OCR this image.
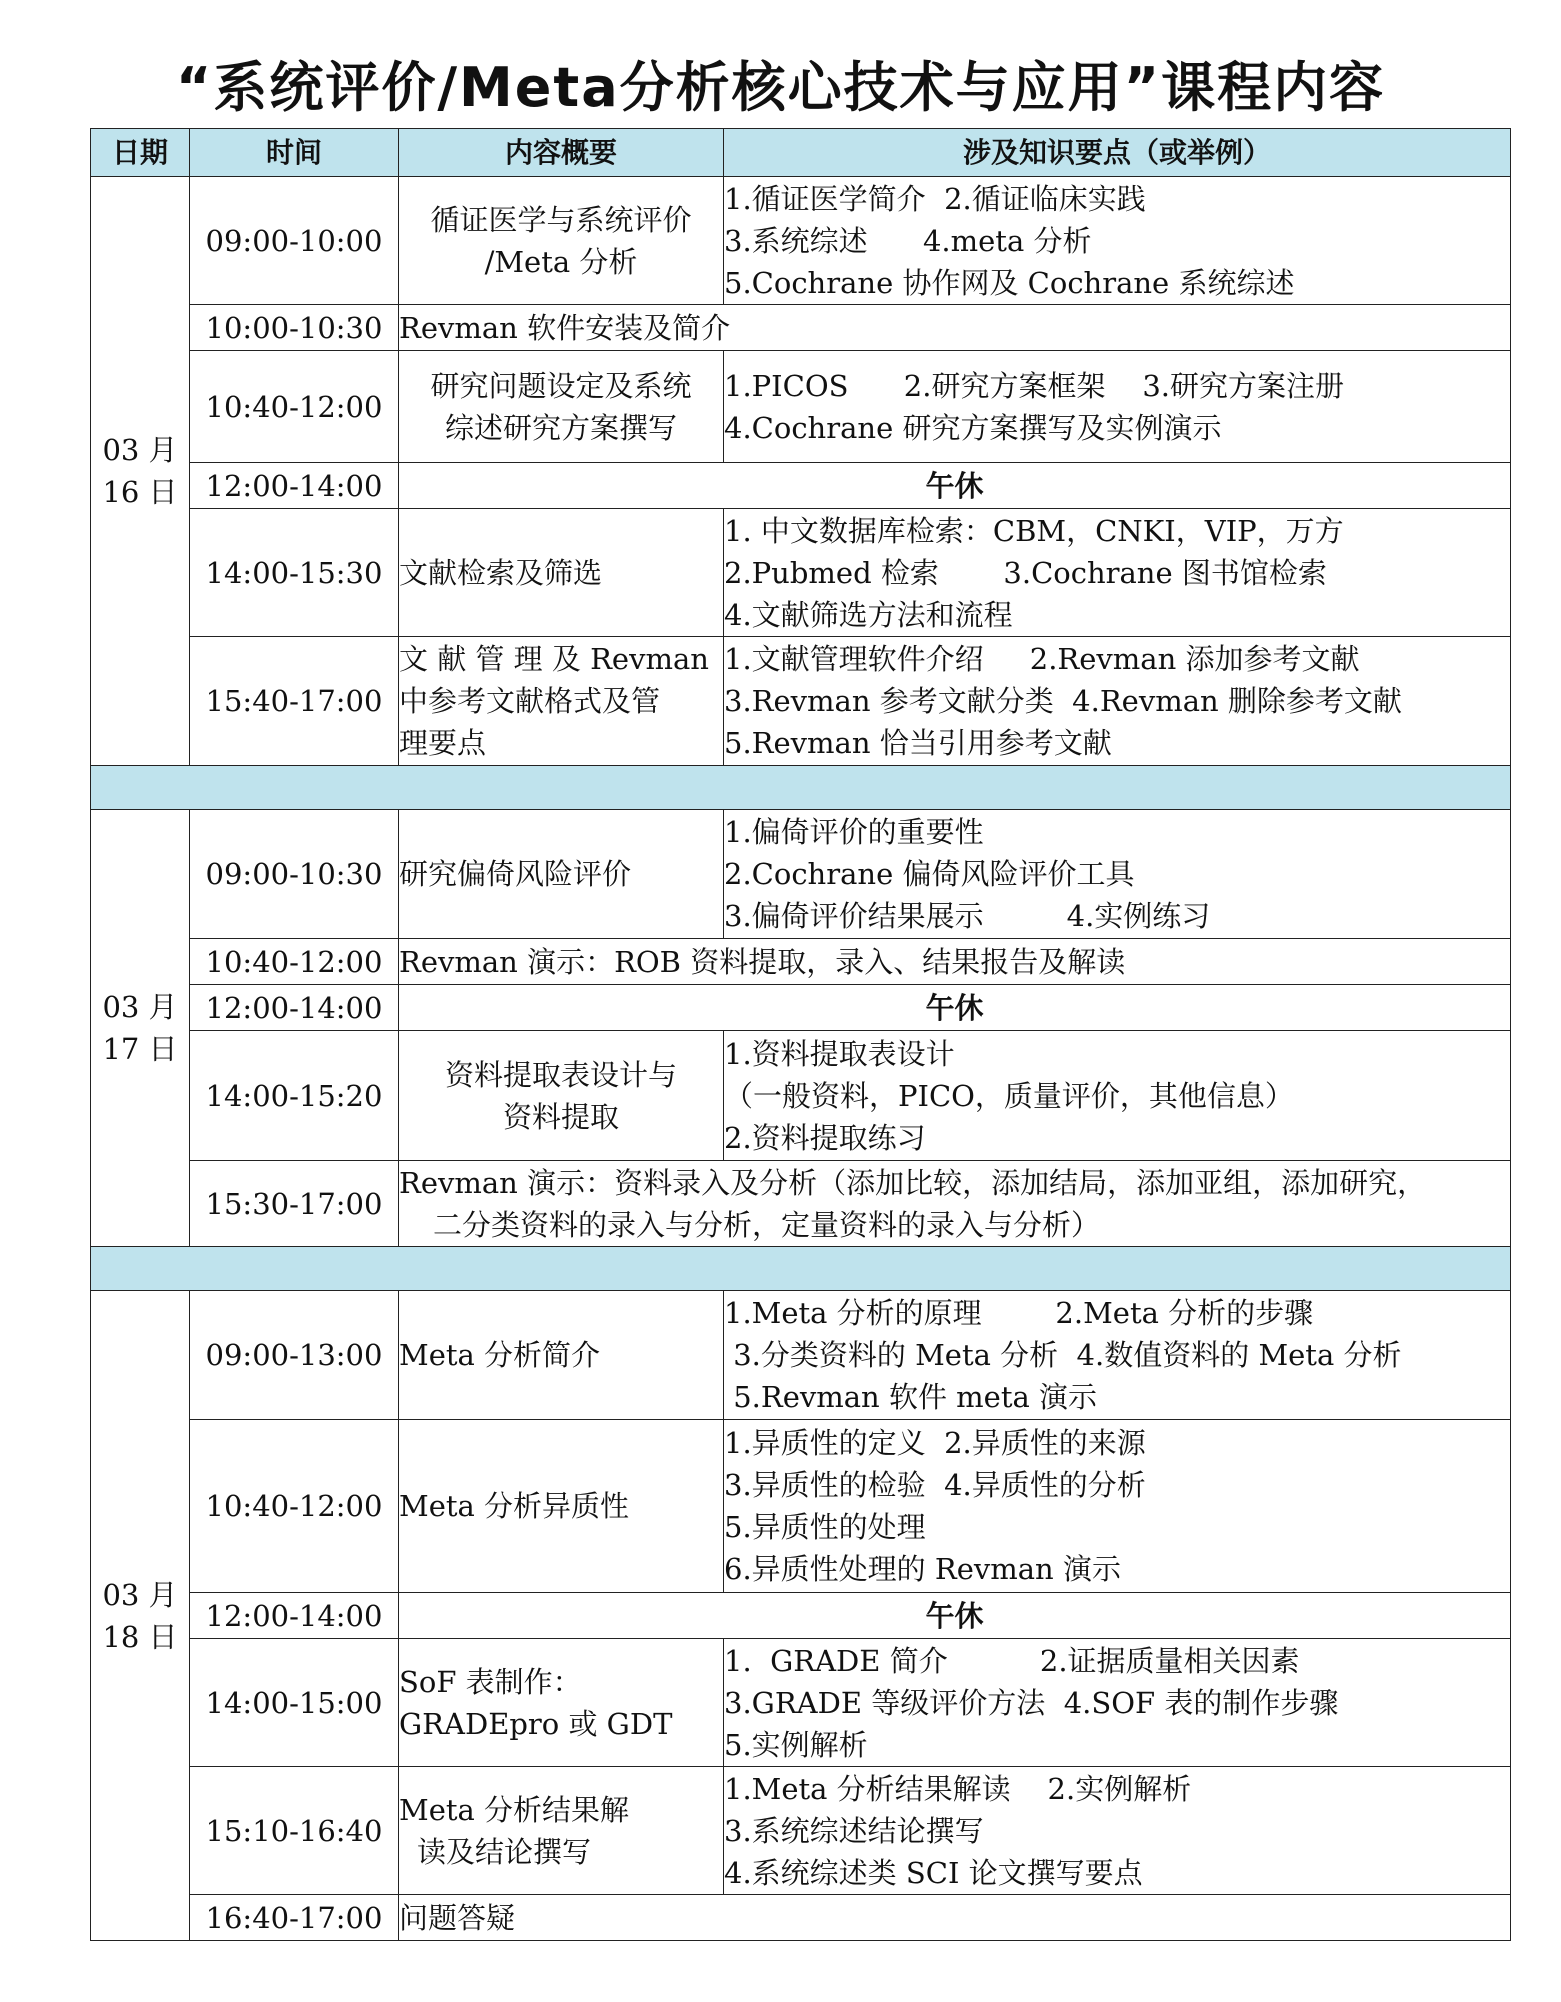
“系统评价/Meta分析核心技术与应用”课程内容
日期	时间	内容概要	涉及知识要点（或举例）

03 月
16 日	09:00-10:00	循证医学与系统评价
/Meta 分析	1.循证医学简介  2.循证临床实践
3.系统综述      4.meta 分析
5.Cochrane 协作网及 Cochrane 系统综述

	10:00-10:30	Revman 软件安装及简介	
	10:40-12:00	研究问题设定及系统
综述研究方案撰写	1.PICOS      2.研究方案框架    3.研究方案注册
4.Cochrane 研究方案撰写及实例演示

	12:00-14:00	午休	
	14:00-15:30	文献检索及筛选	1. 中文数据库检索：CBM，CNKI，VIP，万方
2.Pubmed 检索       3.Cochrane 图书馆检索
4.文献筛选方法和流程

	15:40-17:00	文 献 管 理 及 Revman
中参考文献格式及管
理要点	1.文献管理软件介绍     2.Revman 添加参考文献
3.Revman 参考文献分类  4.Revman 删除参考文献
5.Revman 恰当引用参考文献

03 月
17 日	09:00-10:30	研究偏倚风险评价	1.偏倚评价的重要性
2.Cochrane 偏倚风险评价工具
3.偏倚评价结果展示         4.实例练习

	10:40-12:00	Revman 演示：ROB 资料提取，录入、结果报告及解读	
	12:00-14:00	午休	
	14:00-15:20	资料提取表设计与
资料提取	1.资料提取表设计
（一般资料，PICO，质量评价，其他信息）
2.资料提取练习

	15:30-17:00	Revman 演示：资料录入及分析（添加比较，添加结局，添加亚组，添加研究，
二分类资料的录入与分析，定量资料的录入与分析）	

03 月
18 日	09:00-13:00	Meta 分析简介	1.Meta 分析的原理        2.Meta 分析的步骤
3.分类资料的 Meta 分析  4.数值资料的 Meta 分析
5.Revman 软件 meta 演示

	10:40-12:00	Meta 分析异质性	1.异质性的定义  2.异质性的来源
3.异质性的检验  4.异质性的分析
5.异质性的处理
6.异质性处理的 Revman 演示

	12:00-14:00	午休	
	14:00-15:00	SoF 表制作：
GRADEpro 或 GDT	1.  GRADE 简介          2.证据质量相关因素
3.GRADE 等级评价方法  4.SOF 表的制作步骤
5.实例解析

	15:10-16:40	Meta 分析结果解
读及结论撰写	1.Meta 分析结果解读    2.实例解析
3.系统综述结论撰写
4.系统综述类 SCI 论文撰写要点

	16:40-17:00	问题答疑	
